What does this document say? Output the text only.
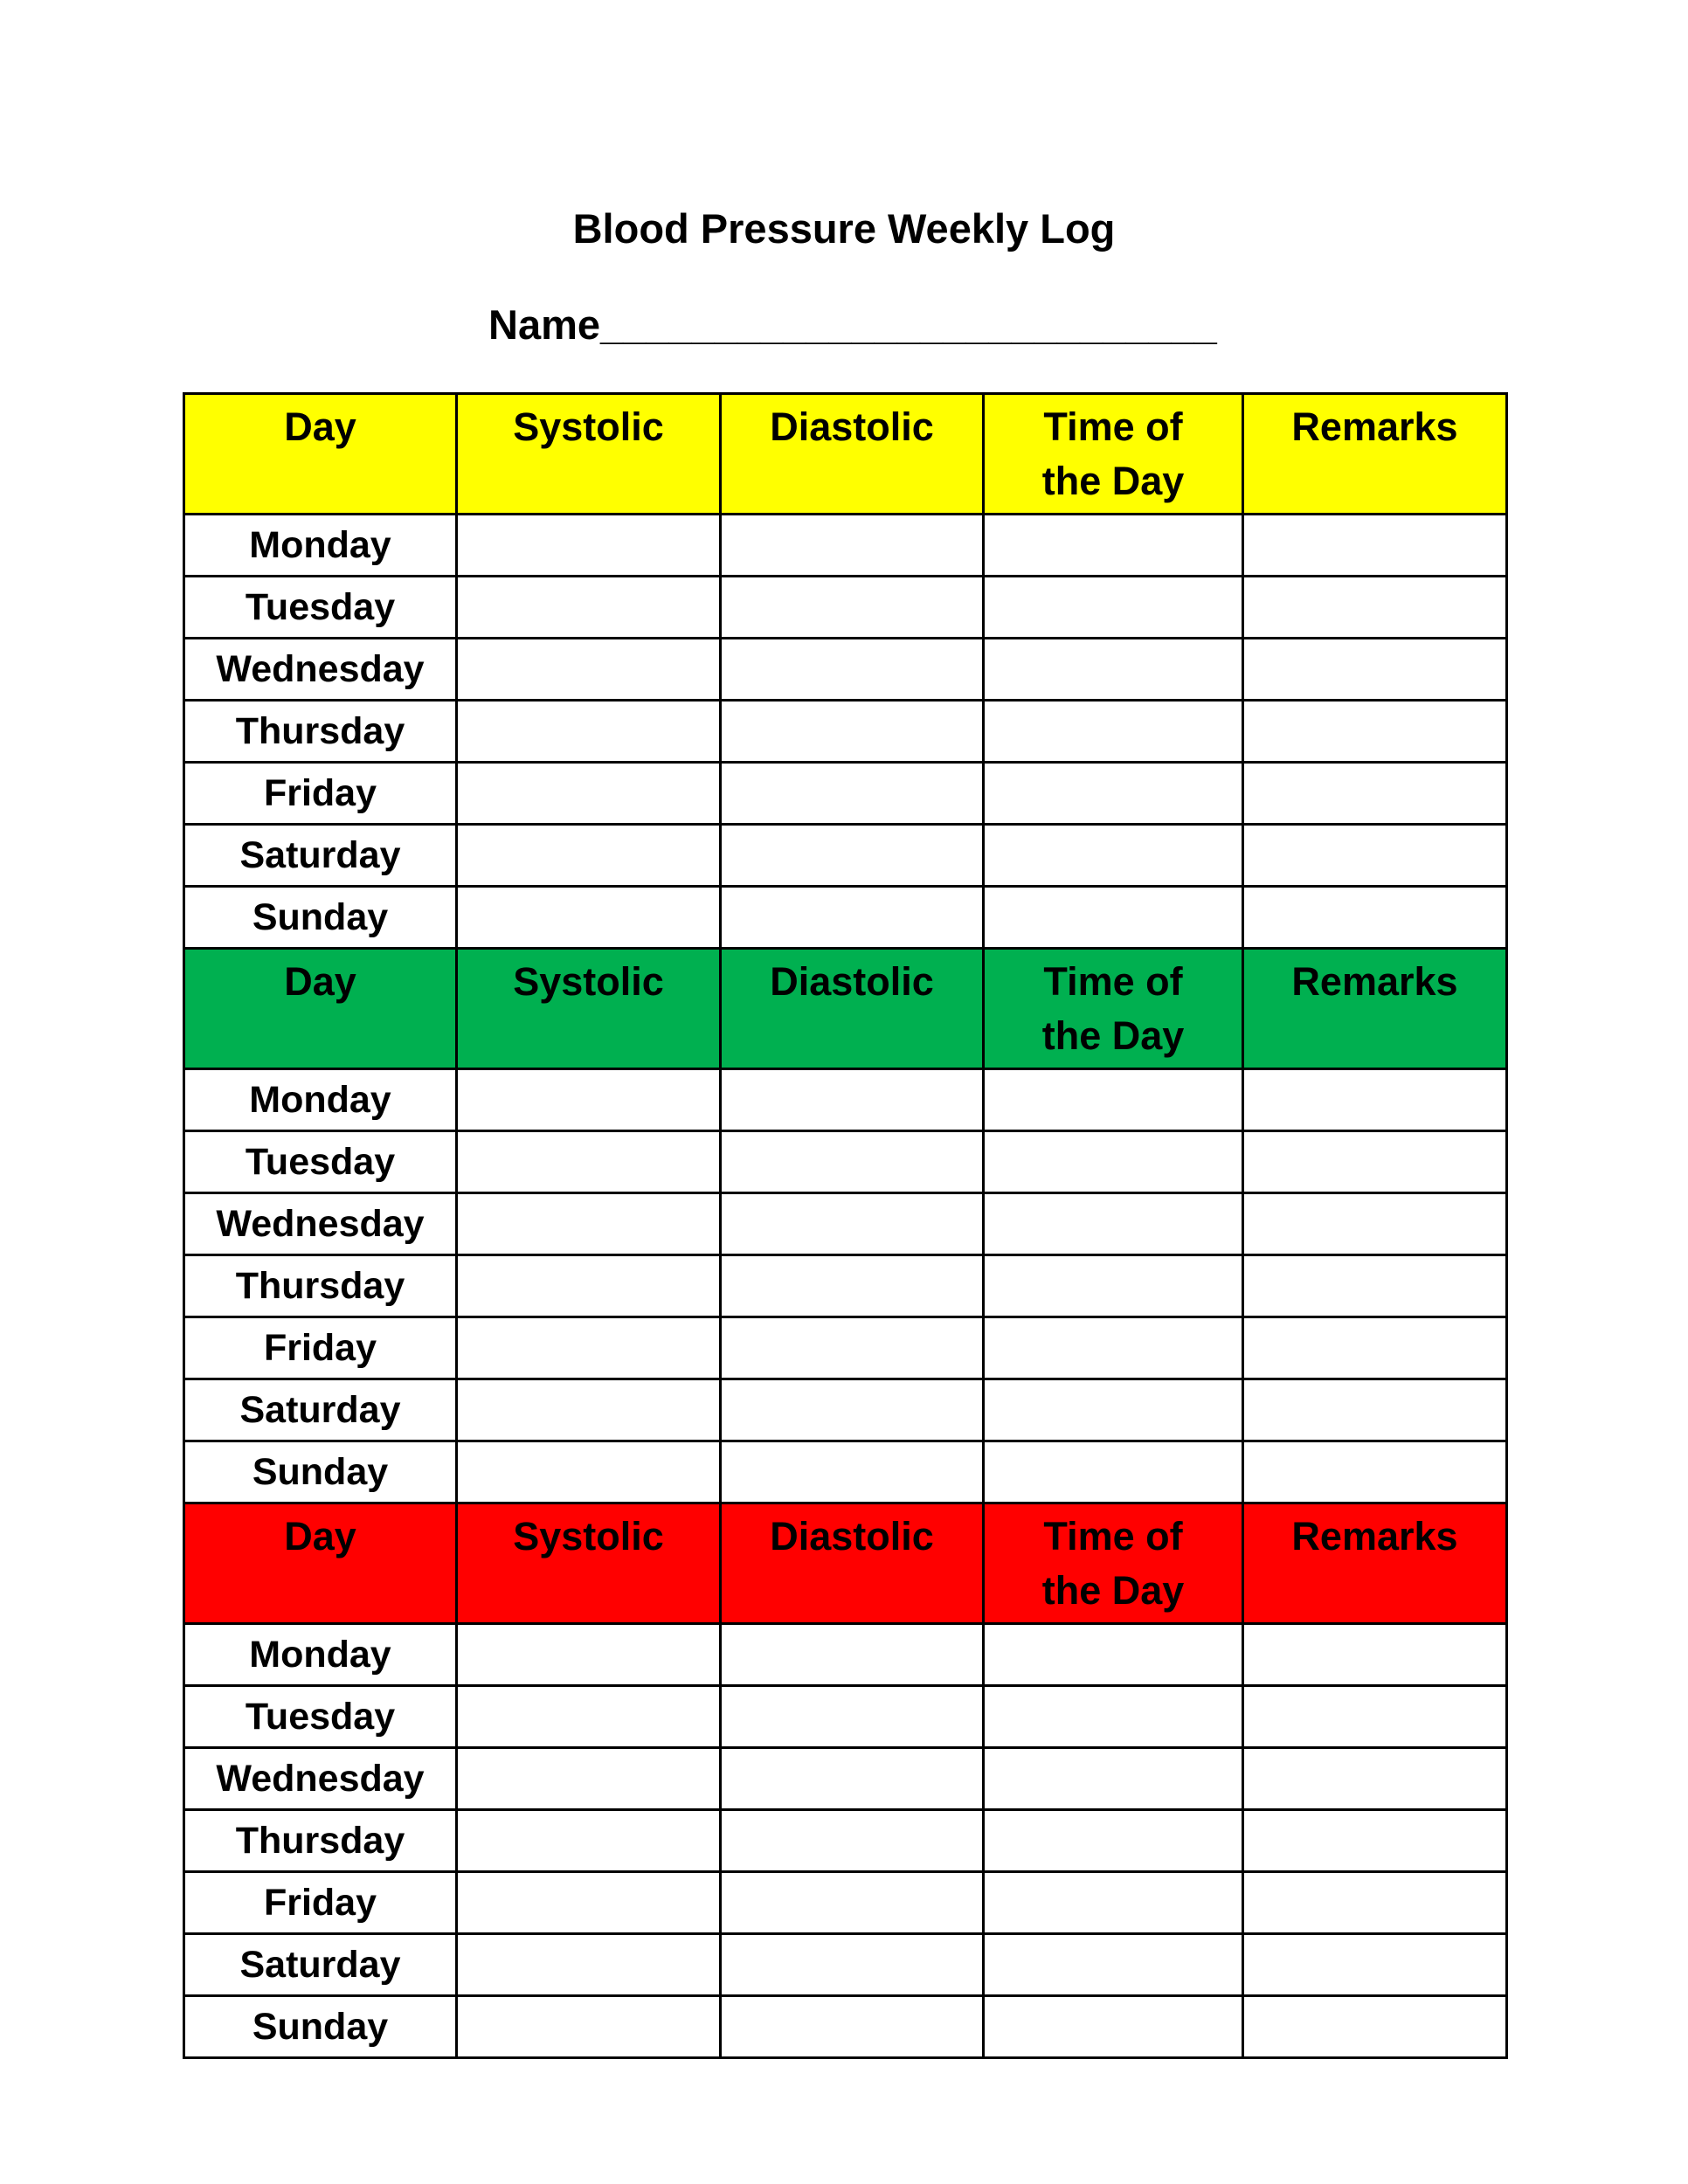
Blood Pressure Weekly Log
Name___________________________
Day	Systolic	Diastolic	Time of
the Day	Remarks
Monday				
Tuesday				
Wednesday				
Thursday				
Friday				
Saturday				
Sunday				
Day	Systolic	Diastolic	Time of
the Day	Remarks
Monday				
Tuesday				
Wednesday				
Thursday				
Friday				
Saturday				
Sunday				
Day	Systolic	Diastolic	Time of
the Day	Remarks
Monday				
Tuesday				
Wednesday				
Thursday				
Friday				
Saturday				
Sunday				
